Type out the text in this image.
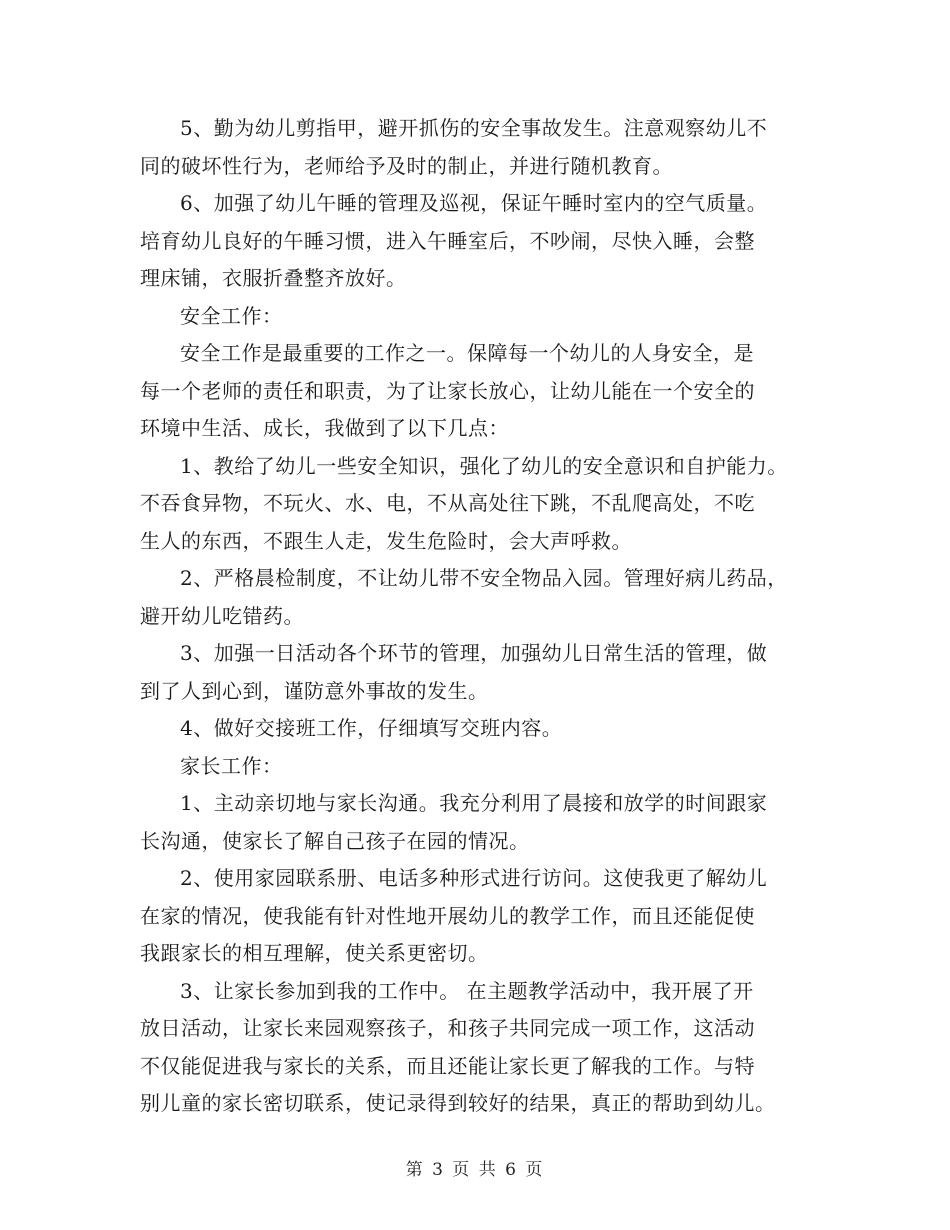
5、勤为幼儿剪指甲，避开抓伤的安全事故发生。注意观察幼儿不
同的破坏性行为，老师给予及时的制止，并进行随机教育。

6、加强了幼儿午睡的管理及巡视，保证午睡时室内的空气质量。
培育幼儿良好的午睡习惯，进入午睡室后，不吵闹，尽快入睡，会整
理床铺，衣服折叠整齐放好。

安全工作：

安全工作是最重要的工作之一。保障每一个幼儿的人身安全，是
每一个老师的责任和职责，为了让家长放心，让幼儿能在一个安全的
环境中生活、成长，我做到了以下几点：

1、教给了幼儿一些安全知识，强化了幼儿的安全意识和自护能力。
不吞食异物，不玩火、水、电，不从高处往下跳，不乱爬高处，不吃
生人的东西，不跟生人走，发生危险时，会大声呼救。

2、严格晨检制度，不让幼儿带不安全物品入园。管理好病儿药品，
避开幼儿吃错药。

3、加强一日活动各个环节的管理，加强幼儿日常生活的管理，做
到了人到心到，谨防意外事故的发生。

4、做好交接班工作，仔细填写交班内容。

家长工作：

1、主动亲切地与家长沟通。我充分利用了晨接和放学的时间跟家
长沟通，使家长了解自己孩子在园的情况。

2、使用家园联系册、电话多种形式进行访问。这使我更了解幼儿
在家的情况，使我能有针对性地开展幼儿的教学工作，而且还能促使
我跟家长的相互理解，使关系更密切。

3、让家长参加到我的工作中。 在主题教学活动中，我开展了开
放日活动，让家长来园观察孩子，和孩子共同完成一项工作，这活动
不仅能促进我与家长的关系，而且还能让家长更了解我的工作。与特
别儿童的家长密切联系，使记录得到较好的结果，真正的帮助到幼儿。

第 3 页 共 6 页
